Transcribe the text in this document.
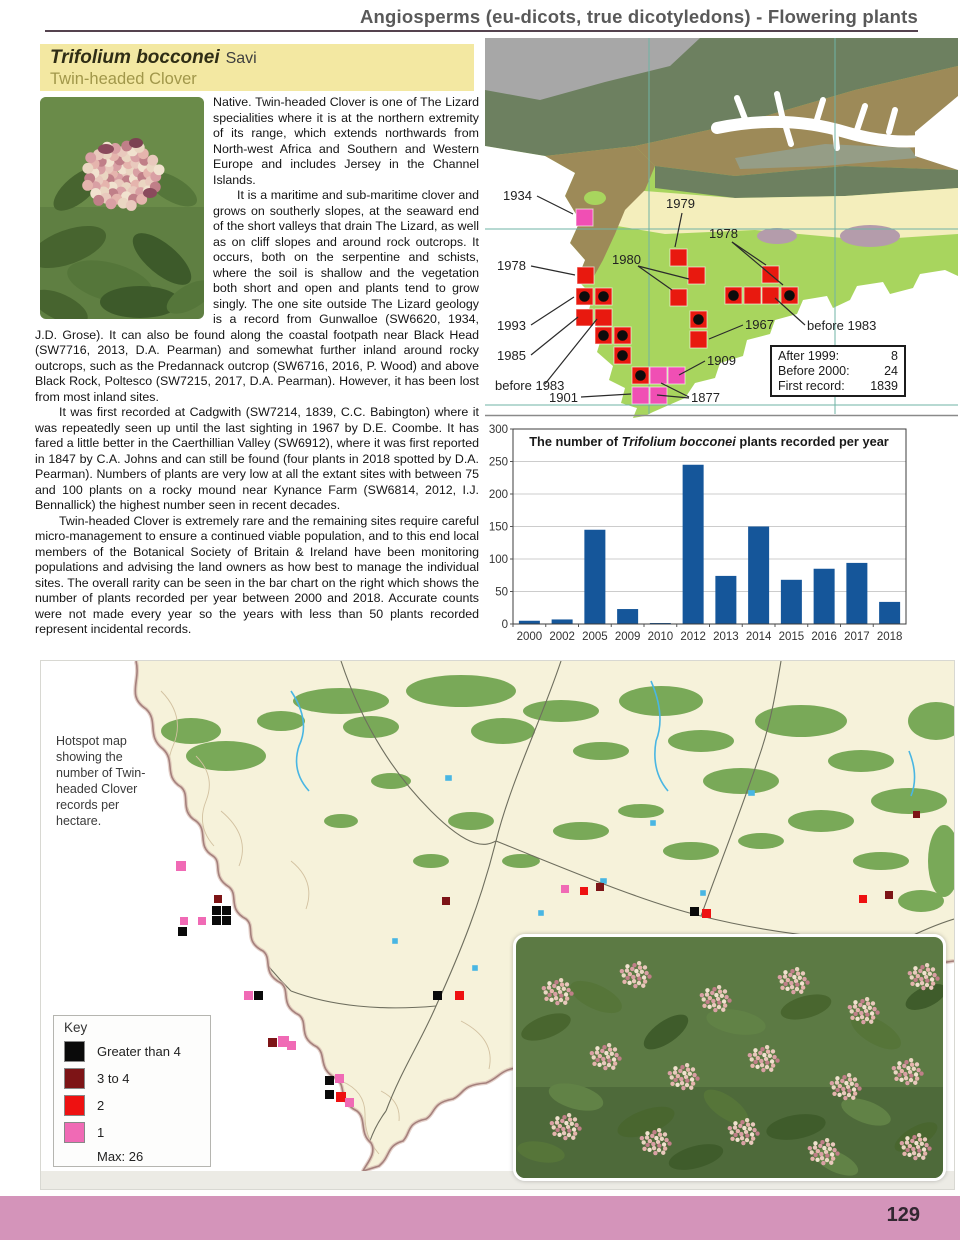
Angiosperms (eu-dicots, true dicotyledons) - Flowering plants
Trifolium bocconei Savi
Twin-headed Clover

Native. Twin-headed Clover is one of The Lizard specialities where it is at the northern extremity of its range, which extends northwards from North-west Africa and Southern and Western Europe and includes Jersey in the Channel Islands.

It is a maritime and sub-maritime clover and grows on southerly slopes, at the seaward end of the short valleys that drain The Lizard, as well as on cliff slopes and around rock outcrops. It occurs, both on the serpentine and schists, where the soil is shallow and the vegetation both short and open and plants tend to grow singly. The one site outside The Lizard geology is a record from Gunwalloe (SW6620, 1934, J.D. Grose). It can also be found along the coastal footpath near Black Head (SW7716, 2013, D.A. Pearman) and somewhat further inland around rocky outcrops, such as the Predannack outcrop (SW6716, 2016, P. Wood) and above Black Rock, Poltesco (SW7215, 2017, D.A. Pearman). However, it has been lost from most inland sites.

It was first recorded at Cadgwith (SW7214, 1839, C.C. Babington) where it was repeatedly seen up until the last sighting in 1967 by D.E. Coombe. It has fared a little better in the Caerthillian Valley (SW6912), where it was first reported in 1847 by C.A. Johns and can still be found (four plants in 2018 spotted by D.A. Pearman). Numbers of plants are very low at all the extant sites with between 75 and 100 plants on a rocky mound near Kynance Farm (SW6814, 2012, I.J. Bennallick) the highest number seen in recent decades.

Twin-headed Clover is extremely rare and the remaining sites require careful micro-management to ensure a continued viable population, and to this end local members of the Botanical Society of Britain & Ireland have been monitoring populations and advising the land owners as how best to manage the individual sites. The overall rarity can be seen in the bar chart on the right which shows the number of plants recorded per year between 2000 and 2018. Accurate counts were not made every year so the years with less than 50 plants recorded represent incidental records.

1934
1979
1978
1978	1980
1993
1985
before 1983
1967	before 1983
1909
1901	1877
After 1999:	8
Before 2000:	24
First record: 1839
0
50
100
150
200
250
300
2000 2002 2005 2009 2010 2012 2013 2014 2015 2016 2017 2018
The number of Trifolium bocconei plants recorded per year
Hotspot map showing the number of Twin-headed Clover records per hectare.
Key
Greater than 4
3 to 4
2
1
Max: 26
129
